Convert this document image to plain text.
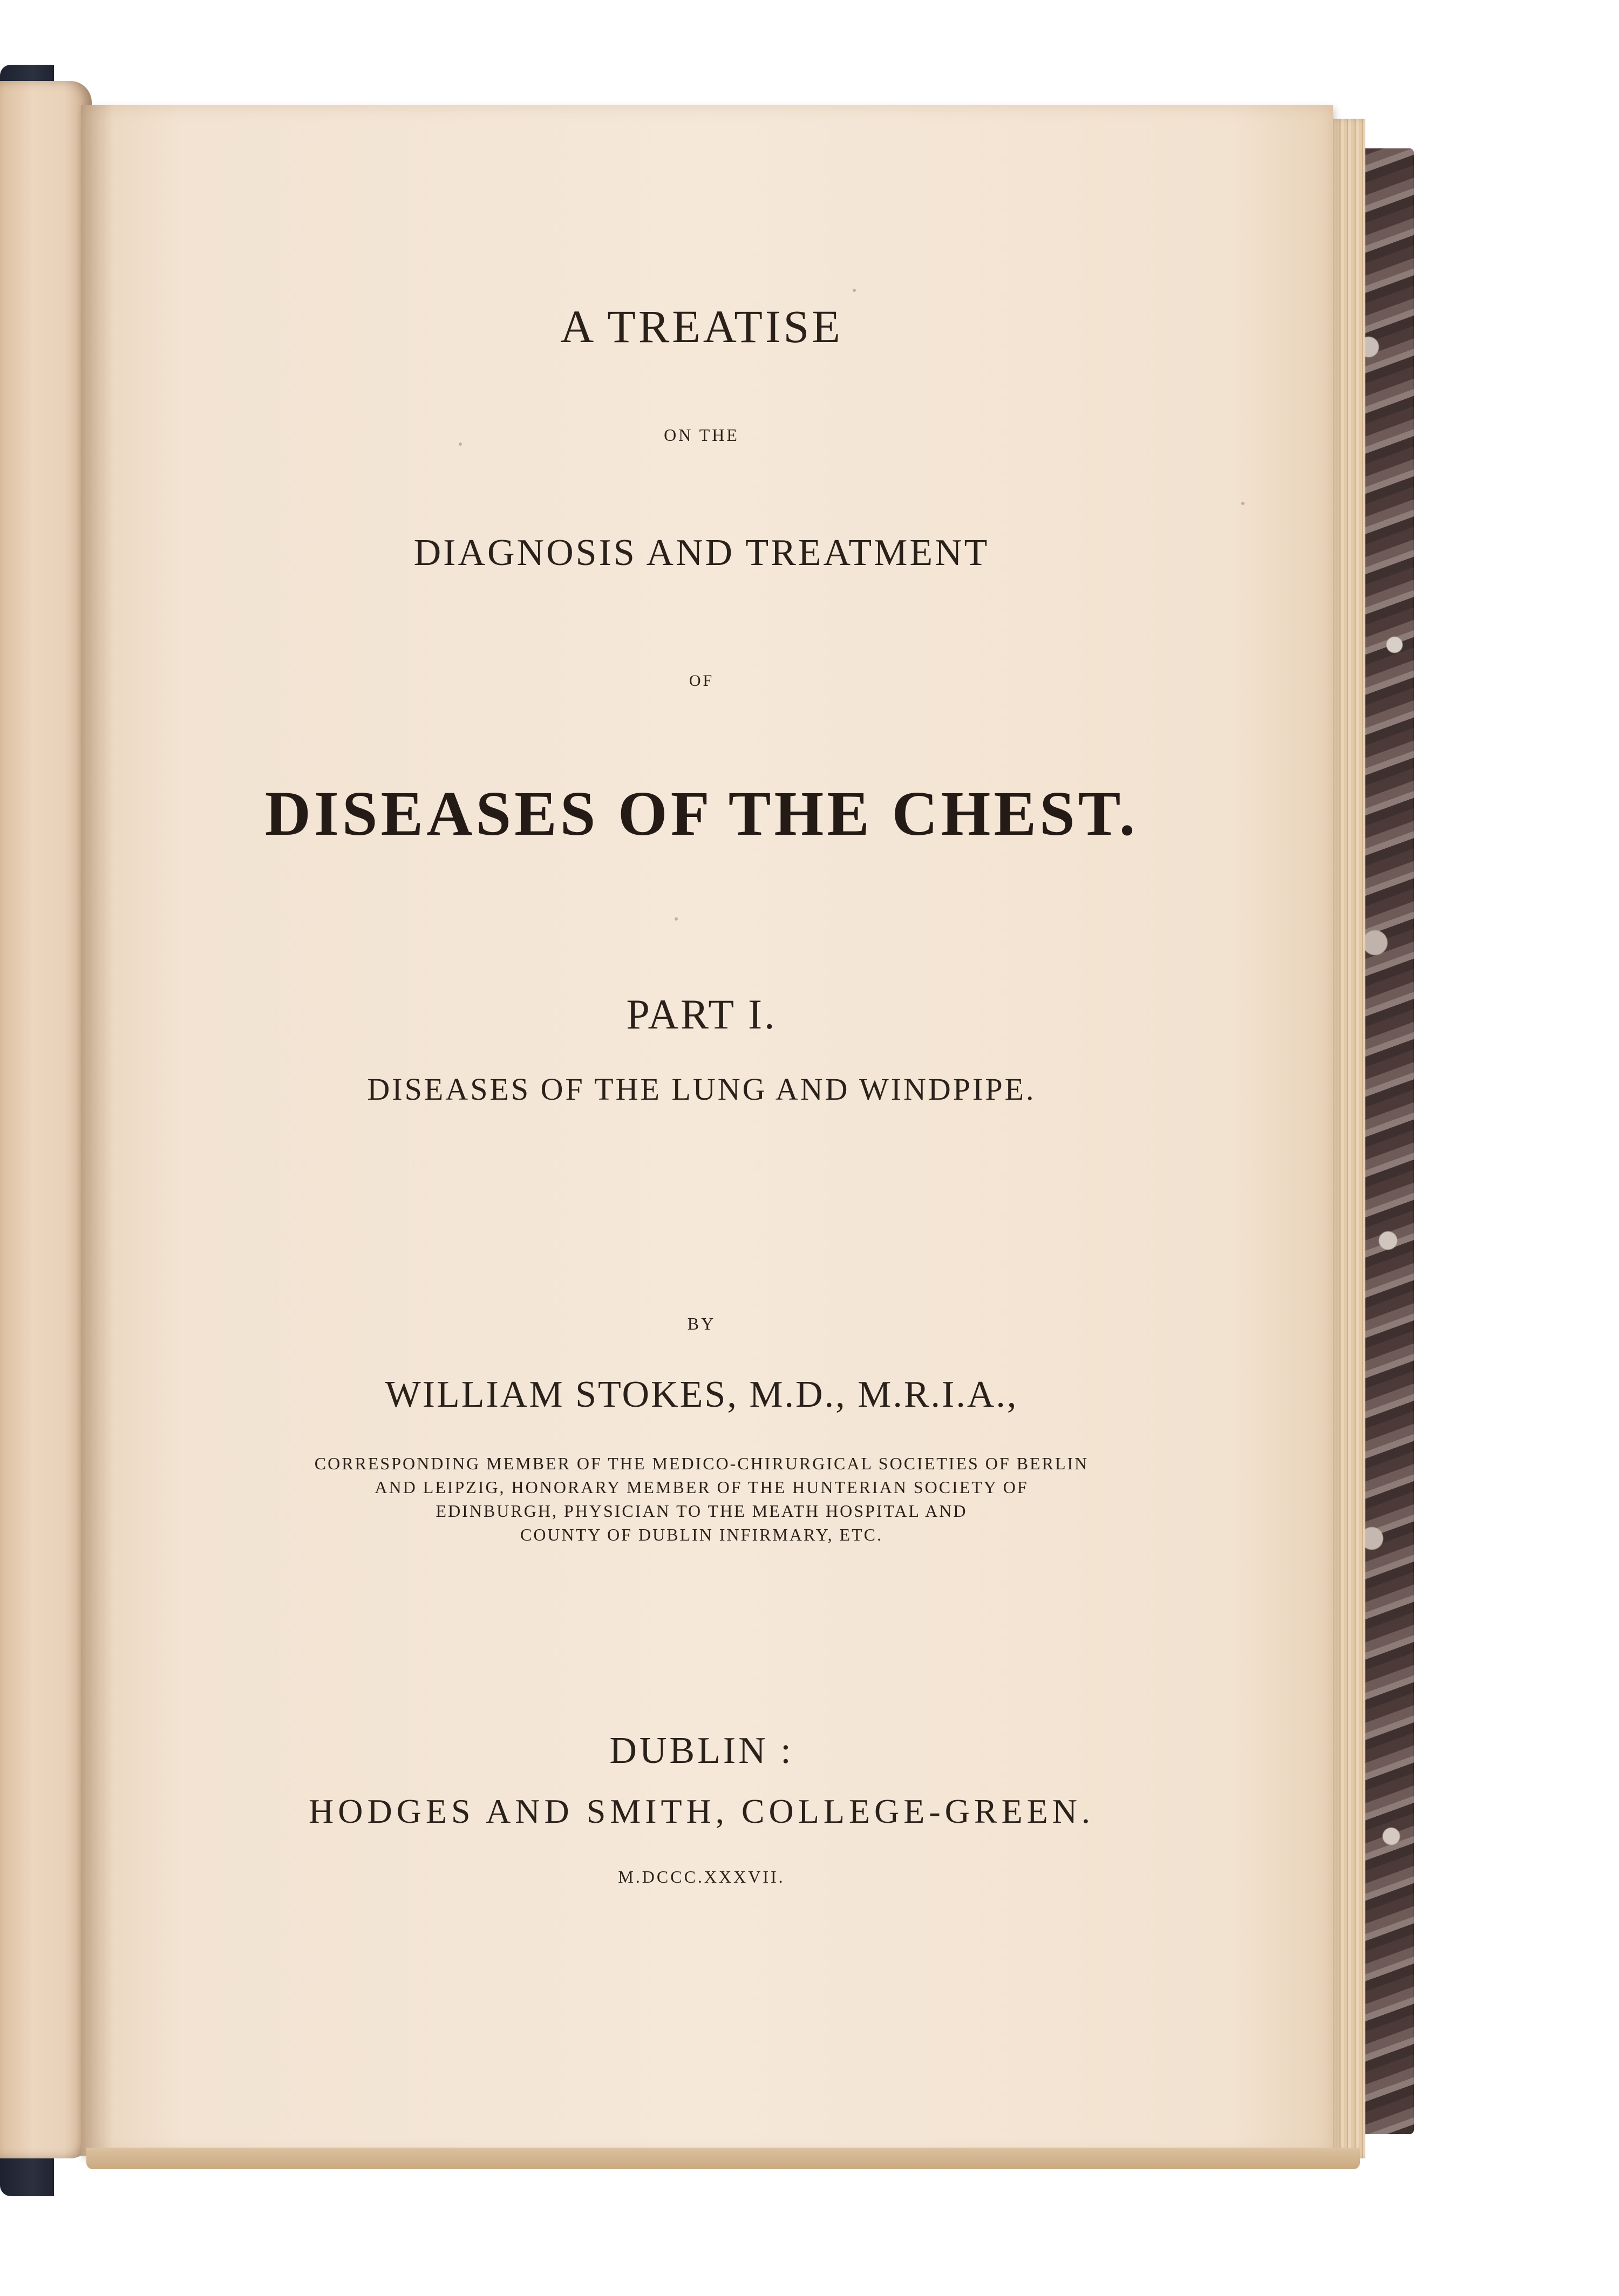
A TREATISE

ON THE

DIAGNOSIS AND TREATMENT

OF

DISEASES OF THE CHEST.

PART I.

DISEASES OF THE LUNG AND WINDPIPE.

BY

WILLIAM STOKES, M.D., M.R.I.A.,

CORRESPONDING MEMBER OF THE MEDICO-CHIRURGICAL SOCIETIES OF BERLIN

AND LEIPZIG, HONORARY MEMBER OF THE HUNTERIAN SOCIETY OF

EDINBURGH, PHYSICIAN TO THE MEATH HOSPITAL AND

COUNTY OF DUBLIN INFIRMARY, ETC.

DUBLIN :

HODGES AND SMITH, COLLEGE-GREEN.

M.DCCC.XXXVII.
